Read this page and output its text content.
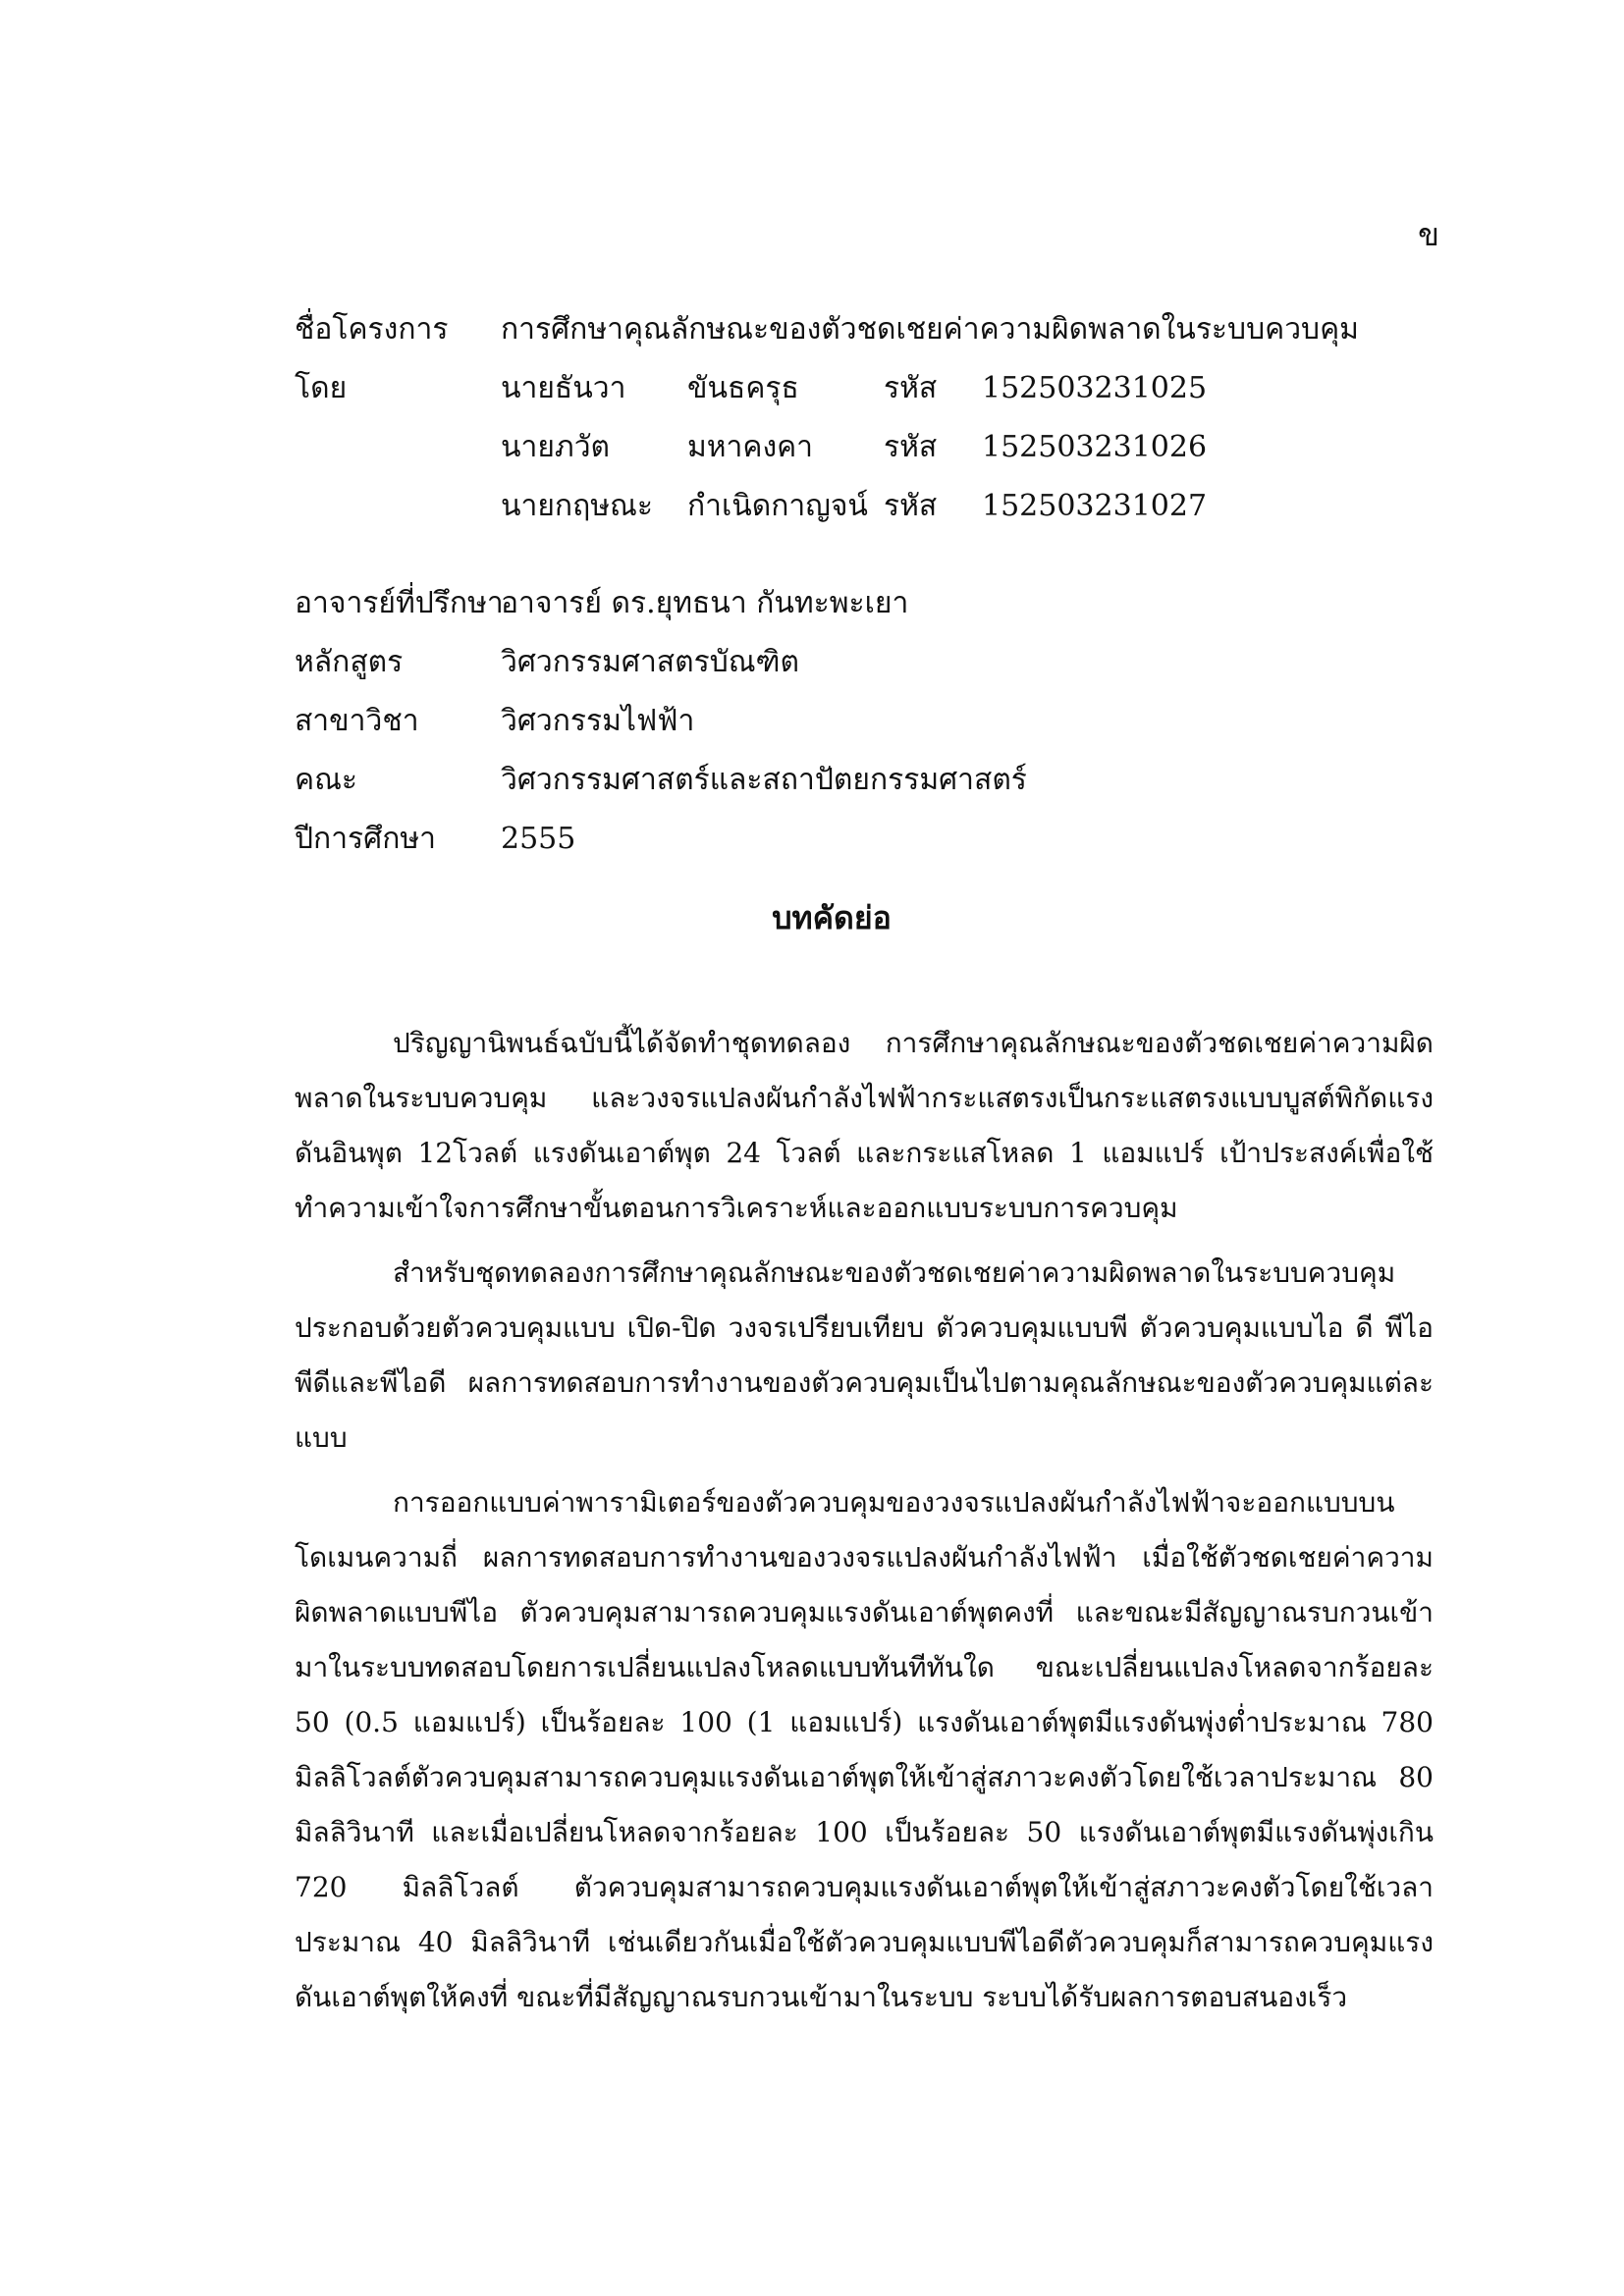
ข
ชื่อโครงการ	การศึกษาคุณลักษณะของตัวชดเชยค่าความผิดพลาดในระบบควบคุม
โดย	นายธันวา	ขันธครุธ	รหัส	152503231025
นายภวัต	มหาคงคา	รหัส	152503231026
นายกฤษณะ	กำเนิดกาญจน์ รหัส	152503231027
อาจารย์ที่ปรึกษา
อาจารย์ ดร.ยุทธนา กันทะพะเยา
หลักสูตร	วิศวกรรมศาสตรบัณฑิต
สาขาวิชา	วิศวกรรมไฟฟ้า
คณะ	วิศวกรรมศาสตร์และสถาปัตยกรรมศาสตร์
ปีการศึกษา	2555
บทคัดย่อ

ปริญญานิพนธ์ฉบับนี้ได้จัดทำชุดทดลอง การศึกษาคุณลักษณะของตัวชดเชยค่าความผิดพลาดในระบบควบคุม และวงจรแปลงผันกำลังไฟฟ้ากระแสตรงเป็นกระแสตรงแบบบูสต์พิกัดแรงดันอินพุต 12โวลต์ แรงดันเอาต์พุต 24 โวลต์ และกระแสโหลด 1 แอมแปร์ เป้าประสงค์เพื่อใช้ทำความเข้าใจการศึกษาขั้นตอนการวิเคราะห์และออกแบบระบบการควบคุม

สำหรับชุดทดลองการศึกษาคุณลักษณะของตัวชดเชยค่าความผิดพลาดในระบบควบคุมประกอบด้วยตัวควบคุมแบบ เปิด-ปิด วงจรเปรียบเทียบ ตัวควบคุมแบบพี ตัวควบคุมแบบไอ ดี พีไอ พีดีและพีไอดี ผลการทดสอบการทำงานของตัวควบคุมเป็นไปตามคุณลักษณะของตัวควบคุมแต่ละแบบ

การออกแบบค่าพารามิเตอร์ของตัวควบคุมของวงจรแปลงผันกำลังไฟฟ้าจะออกแบบบนโดเมนความถี่ ผลการทดสอบการทำงานของวงจรแปลงผันกำลังไฟฟ้า เมื่อใช้ตัวชดเชยค่าความผิดพลาดแบบพีไอ ตัวควบคุมสามารถควบคุมแรงดันเอาต์พุตคงที่ และขณะมีสัญญาณรบกวนเข้ามาในระบบทดสอบโดยการเปลี่ยนแปลงโหลดแบบทันทีทันใด ขณะเปลี่ยนแปลงโหลดจากร้อยละ 50 (0.5 แอมแปร์) เป็นร้อยละ 100 (1 แอมแปร์) แรงดันเอาต์พุตมีแรงดันพุ่งต่ำประมาณ 780 มิลลิโวลต์ตัวควบคุมสามารถควบคุมแรงดันเอาต์พุตให้เข้าสู่สภาวะคงตัวโดยใช้เวลาประมาณ 80 มิลลิวินาที และเมื่อเปลี่ยนโหลดจากร้อยละ 100 เป็นร้อยละ 50 แรงดันเอาต์พุตมีแรงดันพุ่งเกิน 720 มิลลิโวลต์ ตัวควบคุมสามารถควบคุมแรงดันเอาต์พุตให้เข้าสู่สภาวะคงตัวโดยใช้เวลาประมาณ 40 มิลลิวินาที เช่นเดียวกันเมื่อใช้ตัวควบคุมแบบพีไอดีตัวควบคุมก็สามารถควบคุมแรงดันเอาต์พุตให้คงที่ ขณะที่มีสัญญาณรบกวนเข้ามาในระบบ ระบบได้รับผลการตอบสนองเร็ว
